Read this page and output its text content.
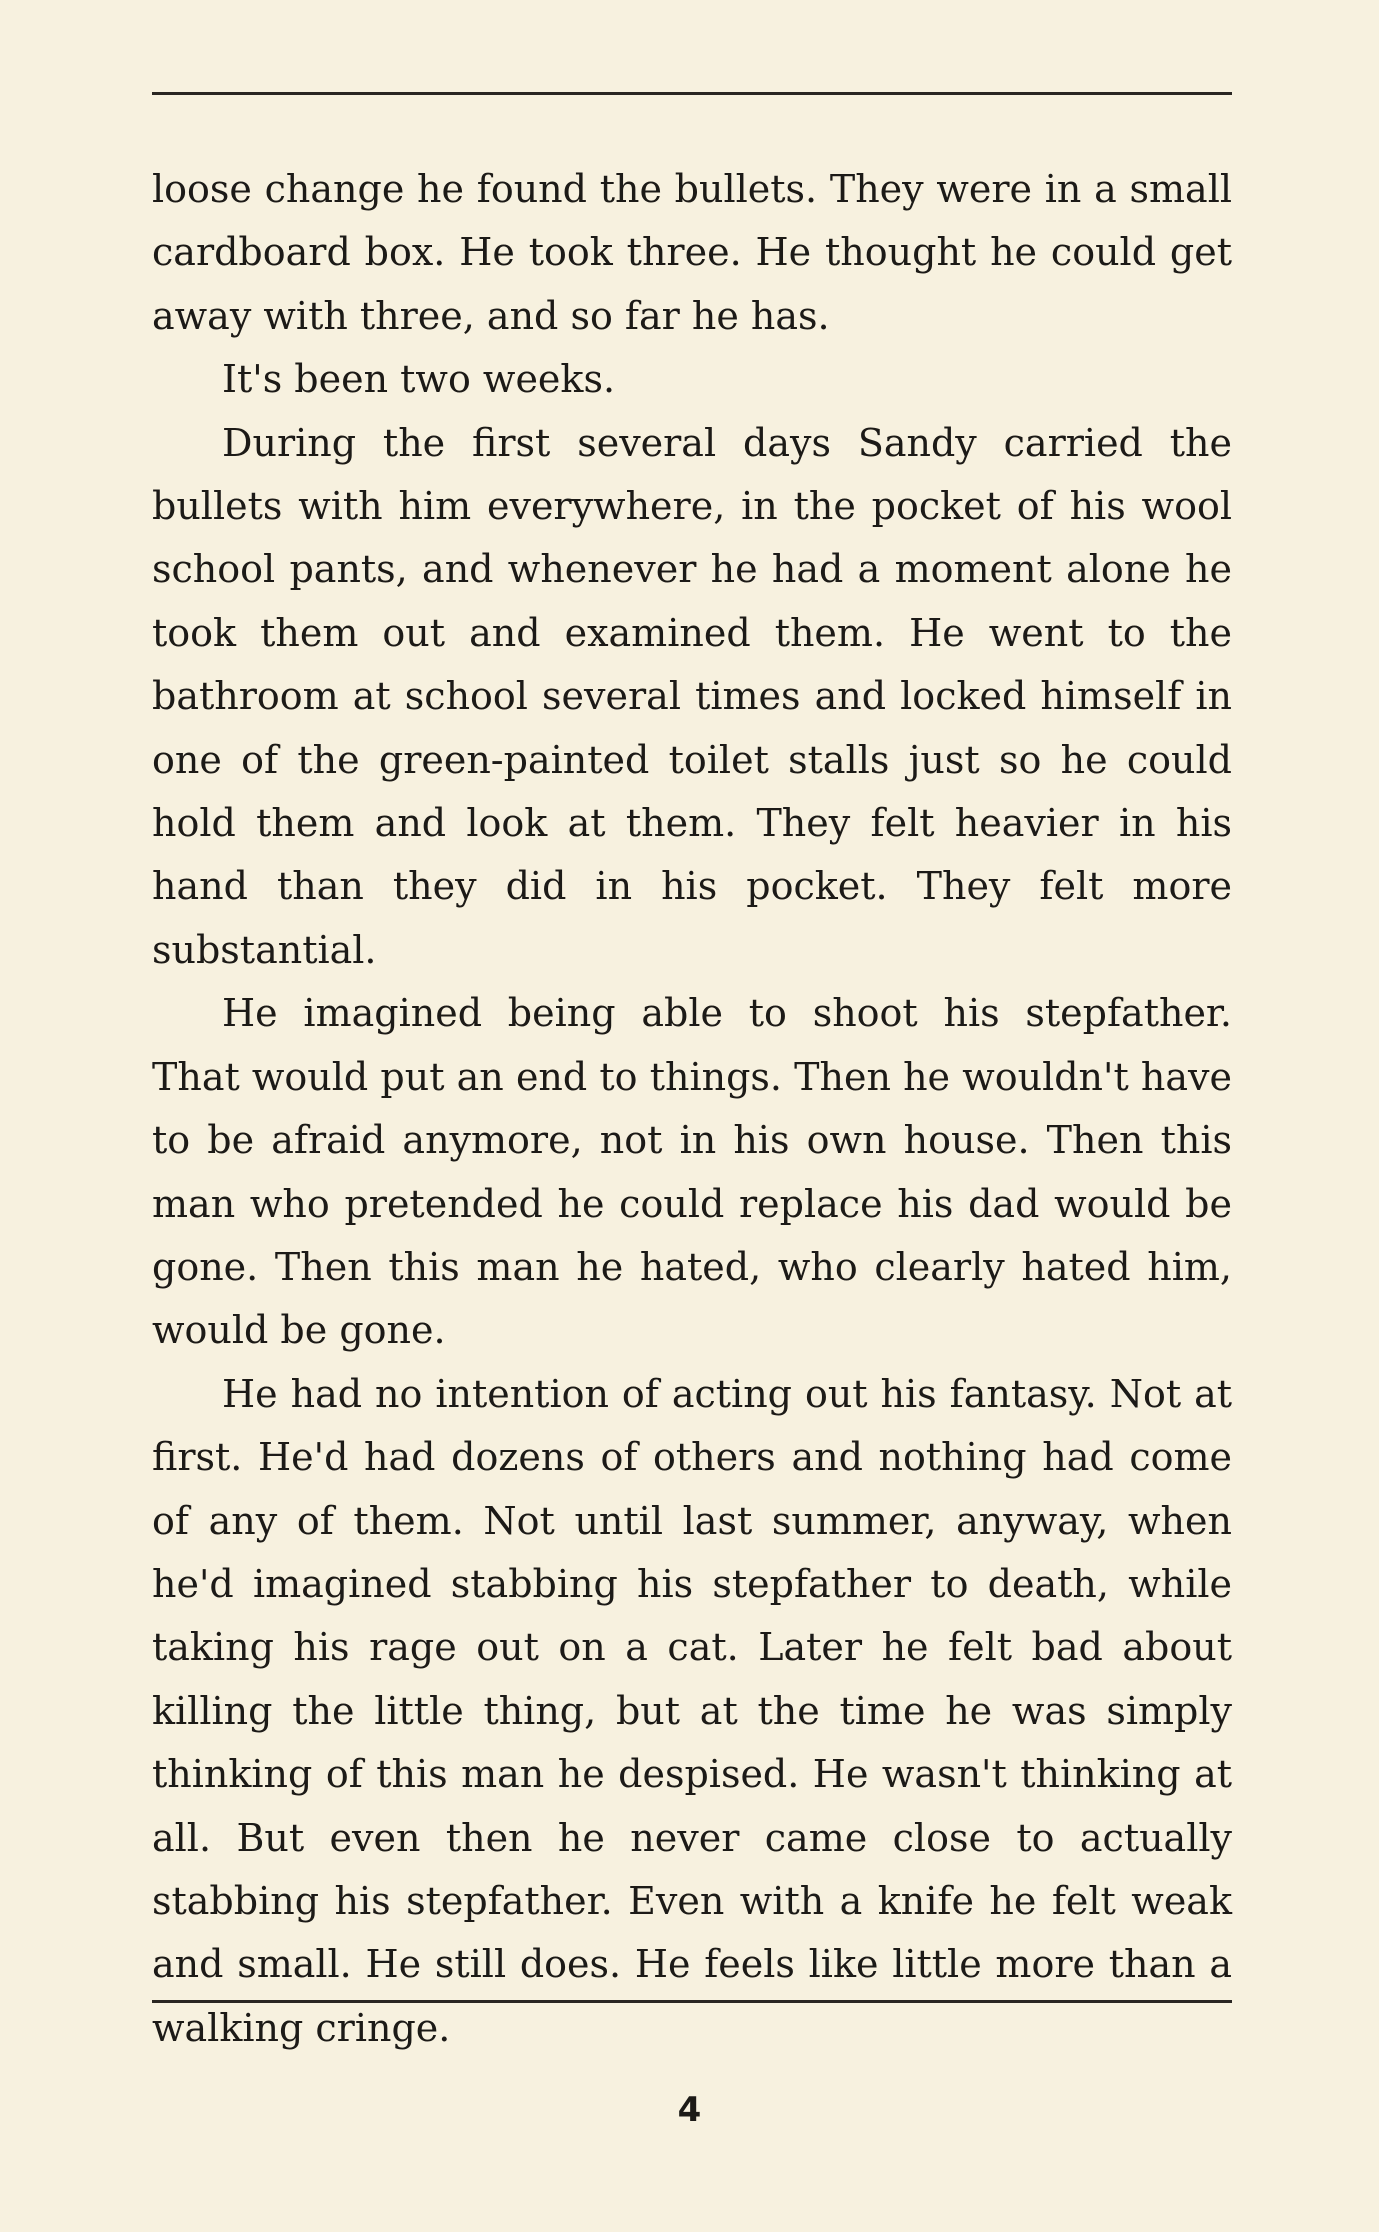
loose change he found the bullets. They were in a small cardboard box. He took three. He thought he could get away with three, and so far he has.

It's been two weeks.

During the first several days Sandy carried the bullets with him everywhere, in the pocket of his wool school pants, and whenever he had a moment alone he took them out and examined them. He went to the bathroom at school several times and locked himself in one of the green-painted toilet stalls just so he could hold them and look at them. They felt heavier in his hand than they did in his pocket. They felt more substantial.

He imagined being able to shoot his stepfather. That would put an end to things. Then he wouldn't have to be afraid anymore, not in his own house. Then this man who pretended he could replace his dad would be gone. Then this man he hated, who clearly hated him, would be gone.

He had no intention of acting out his fantasy. Not at first. He'd had dozens of others and nothing had come of any of them. Not until last summer, anyway, when he'd imagined stabbing his stepfather to death, while taking his rage out on a cat. Later he felt bad about killing the little thing, but at the time he was simply thinking of this man he despised. He wasn't thinking at all. But even then he never came close to actually stabbing his stepfather. Even with a knife he felt weak and small. He still does. He feels like little more than a walking cringe.

4
